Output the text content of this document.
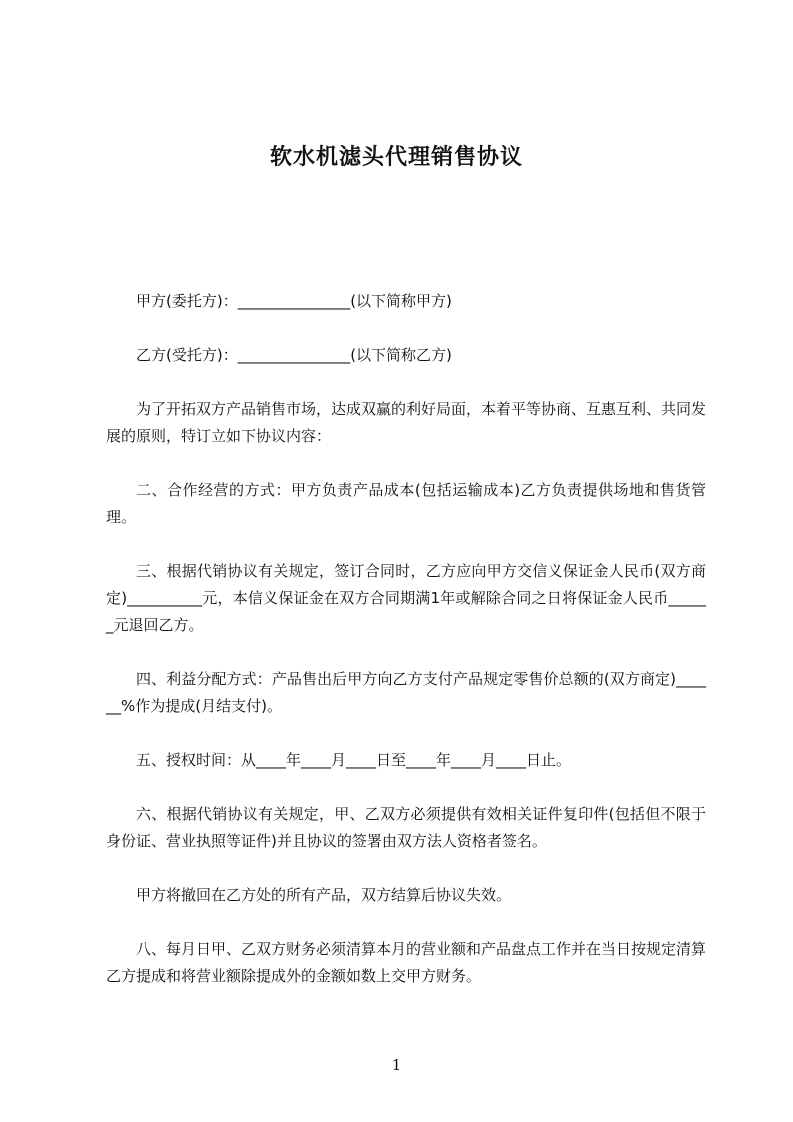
软水机滤头代理销售协议

甲方(委托方)：_______________(以下简称甲方)

乙方(受托方)：_______________(以下简称乙方)

为了开拓双方产品销售市场，达成双赢的利好局面，本着平等协商、互惠互利、共同发展的原则，特订立如下协议内容：

二、合作经营的方式：甲方负责产品成本(包括运输成本)乙方负责提供场地和售货管理。

三、根据代销协议有关规定，签订合同时，乙方应向甲方交信义保证金人民币(双方商定)__________元，本信义保证金在双方合同期满1年或解除合同之日将保证金人民币______元退回乙方。

四、利益分配方式：产品售出后甲方向乙方支付产品规定零售价总额的(双方商定)______%作为提成(月结支付)。

五、授权时间：从____年____月____日至____年____月____日止。

六、根据代销协议有关规定，甲、乙双方必须提供有效相关证件复印件(包括但不限于身份证、营业执照等证件)并且协议的签署由双方法人资格者签名。

甲方将撤回在乙方处的所有产品，双方结算后协议失效。

八、每月日甲、乙双方财务必须清算本月的营业额和产品盘点工作并在当日按规定清算乙方提成和将营业额除提成外的金额如数上交甲方财务。

1
